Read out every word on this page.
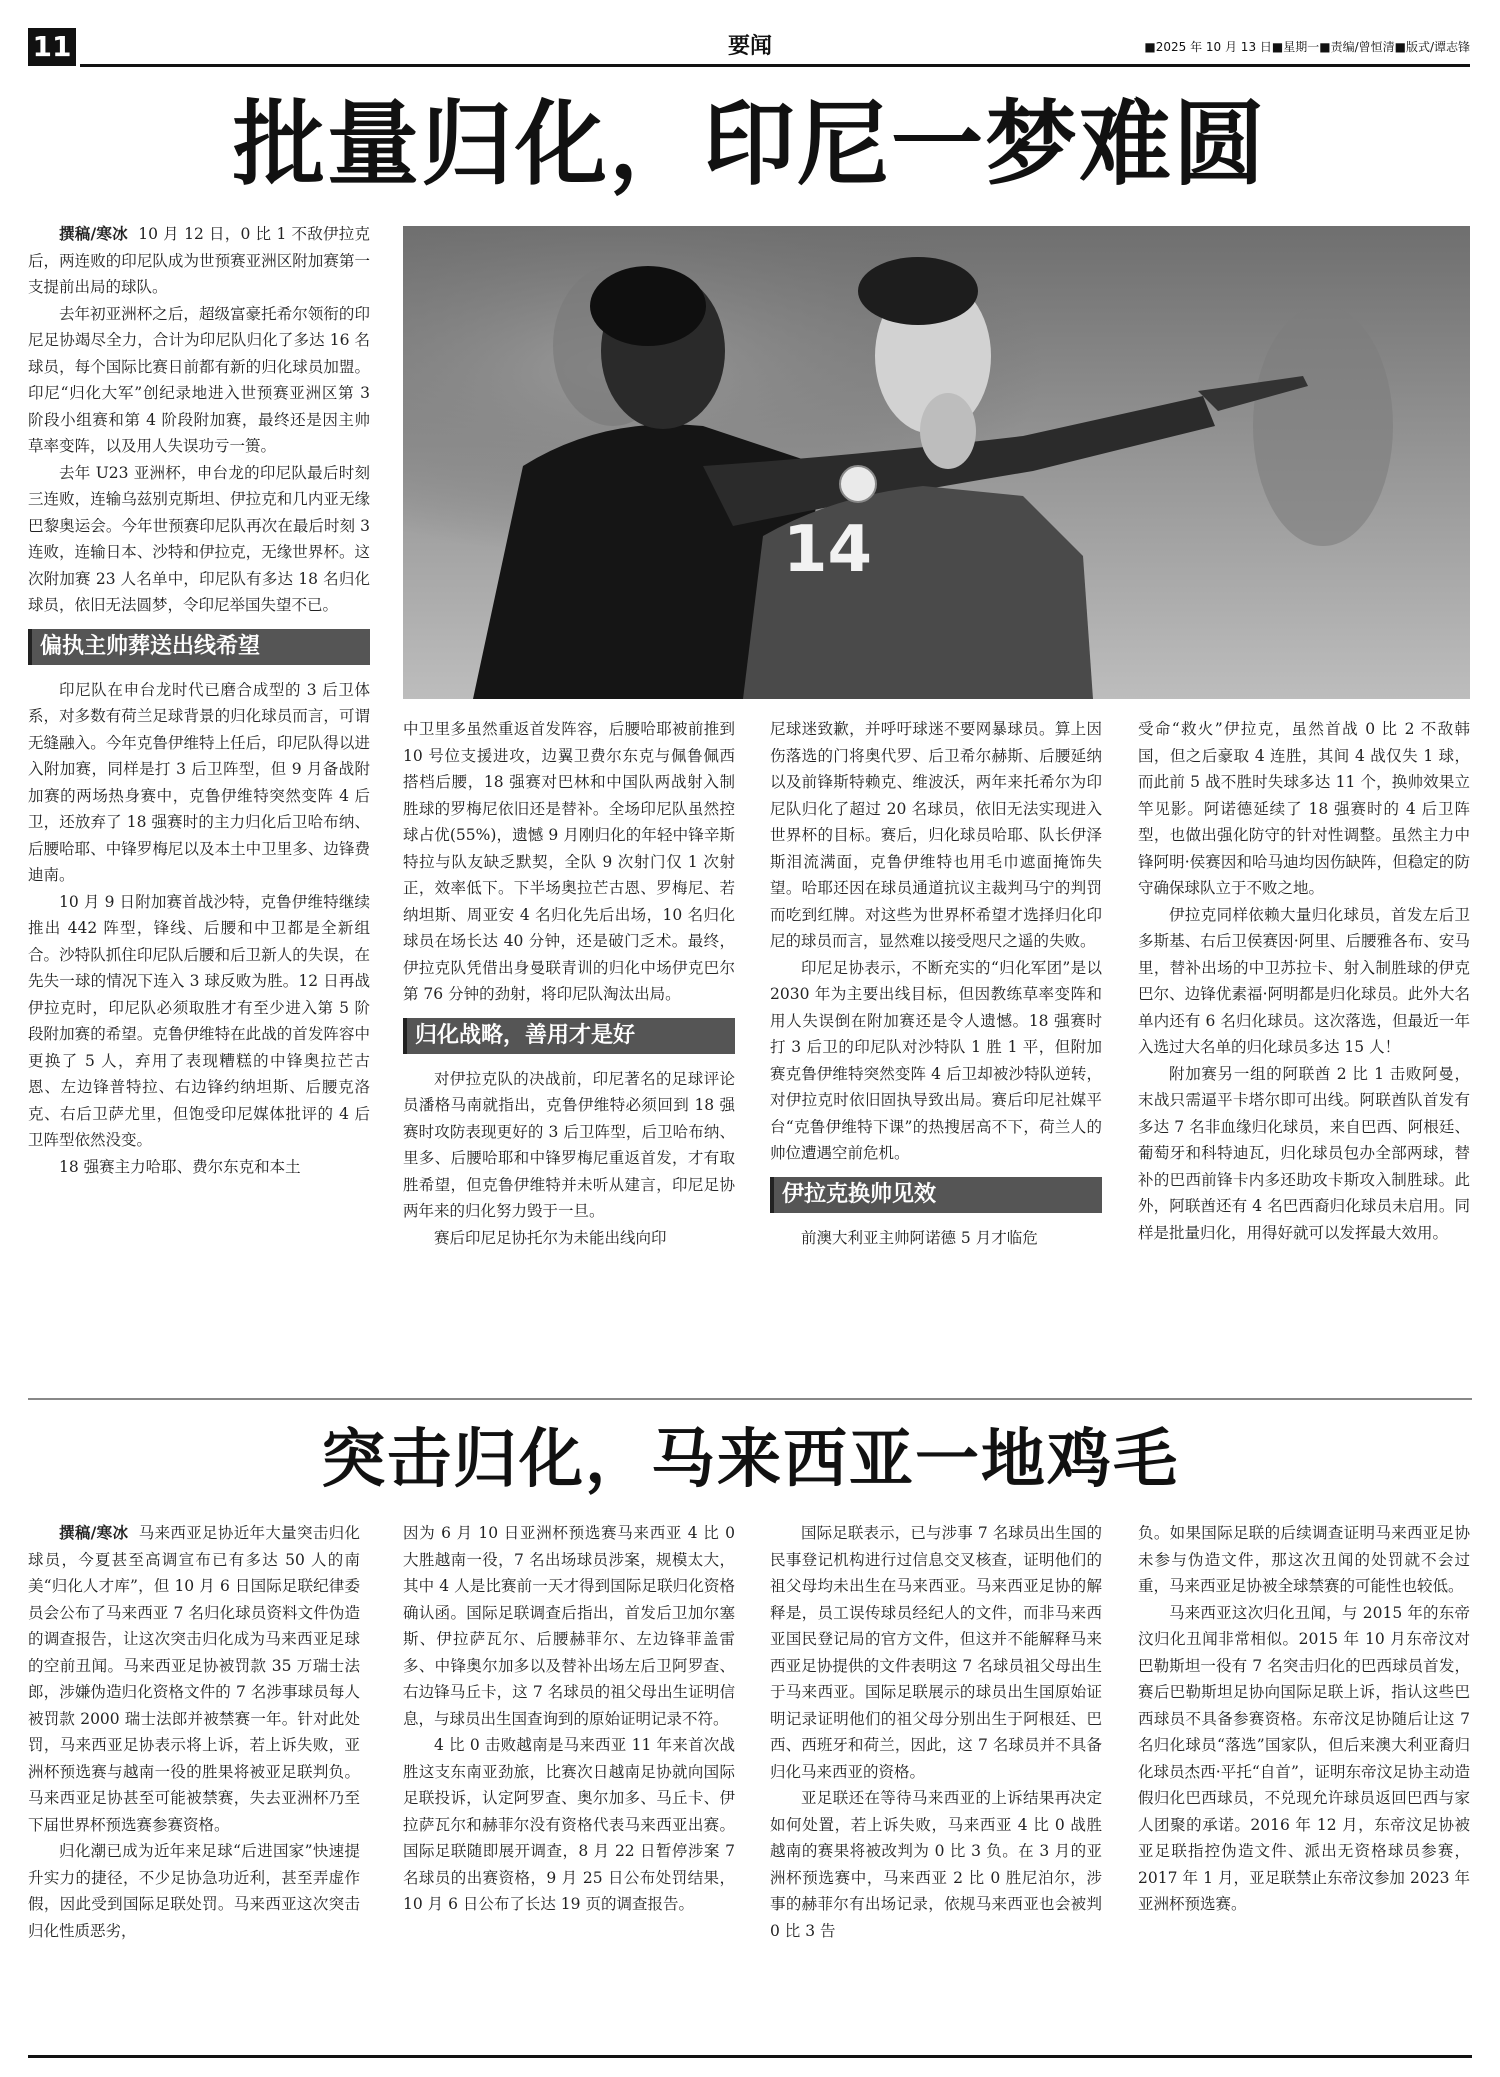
11	要闻	■2025 年 10 月 13 日■星期一■责编/曾恒清■版式/谭志锋
批量归化，印尼一梦难圆
14

撰稿/寒冰 10 月 12 日，0 比 1 不敌伊拉克后，两连败的印尼队成为世预赛亚洲区附加赛第一支提前出局的球队。

去年初亚洲杯之后，超级富豪托希尔领衔的印尼足协竭尽全力，合计为印尼队归化了多达 16 名球员，每个国际比赛日前都有新的归化球员加盟。印尼“归化大军”创纪录地进入世预赛亚洲区第 3 阶段小组赛和第 4 阶段附加赛，最终还是因主帅草率变阵，以及用人失误功亏一篑。

去年 U23 亚洲杯，申台龙的印尼队最后时刻三连败，连输乌兹别克斯坦、伊拉克和几内亚无缘巴黎奥运会。今年世预赛印尼队再次在最后时刻 3 连败，连输日本、沙特和伊拉克，无缘世界杯。这次附加赛 23 人名单中，印尼队有多达 18 名归化球员，依旧无法圆梦，令印尼举国失望不已。

偏执主帅葬送出线希望

印尼队在申台龙时代已磨合成型的 3 后卫体系，对多数有荷兰足球背景的归化球员而言，可谓无缝融入。今年克鲁伊维特上任后，印尼队得以进入附加赛，同样是打 3 后卫阵型，但 9 月备战附加赛的两场热身赛中，克鲁伊维特突然变阵 4 后卫，还放弃了 18 强赛时的主力归化后卫哈布纳、后腰哈耶、中锋罗梅尼以及本土中卫里多、边锋费迪南。

10 月 9 日附加赛首战沙特，克鲁伊维特继续推出 442 阵型，锋线、后腰和中卫都是全新组合。沙特队抓住印尼队后腰和后卫新人的失误，在先失一球的情况下连入 3 球反败为胜。12 日再战伊拉克时，印尼队必须取胜才有至少进入第 5 阶段附加赛的希望。克鲁伊维特在此战的首发阵容中更换了 5 人，弃用了表现糟糕的中锋奥拉芒古恩、左边锋普特拉、右边锋约纳坦斯、后腰克洛克、右后卫萨尤里，但饱受印尼媒体批评的 4 后卫阵型依然没变。

18 强赛主力哈耶、费尔东克和本土

中卫里多虽然重返首发阵容，后腰哈耶被前推到 10 号位支援进攻，边翼卫费尔东克与佩鲁佩西搭档后腰，18 强赛对巴林和中国队两战射入制胜球的罗梅尼依旧还是替补。全场印尼队虽然控球占优(55%)，遗憾 9 月刚归化的年轻中锋辛斯特拉与队友缺乏默契，全队 9 次射门仅 1 次射正，效率低下。下半场奥拉芒古恩、罗梅尼、若纳坦斯、周亚安 4 名归化先后出场，10 名归化球员在场长达 40 分钟，还是破门乏术。最终，伊拉克队凭借出身曼联青训的归化中场伊克巴尔第 76 分钟的劲射，将印尼队淘汰出局。

归化战略，善用才是好

对伊拉克队的决战前，印尼著名的足球评论员潘格马南就指出，克鲁伊维特必须回到 18 强赛时攻防表现更好的 3 后卫阵型，后卫哈布纳、里多、后腰哈耶和中锋罗梅尼重返首发，才有取胜希望，但克鲁伊维特并未听从建言，印尼足协两年来的归化努力毁于一旦。

赛后印尼足协托尔为未能出线向印

尼球迷致歉，并呼吁球迷不要网暴球员。算上因伤落选的门将奥代罗、后卫希尔赫斯、后腰延纳以及前锋斯特赖克、维波沃，两年来托希尔为印尼队归化了超过 20 名球员，依旧无法实现进入世界杯的目标。赛后，归化球员哈耶、队长伊泽斯泪流满面，克鲁伊维特也用毛巾遮面掩饰失望。哈耶还因在球员通道抗议主裁判马宁的判罚而吃到红牌。对这些为世界杯希望才选择归化印尼的球员而言，显然难以接受咫尺之遥的失败。

印尼足协表示，不断充实的“归化军团”是以 2030 年为主要出线目标，但因教练草率变阵和用人失误倒在附加赛还是令人遗憾。18 强赛时打 3 后卫的印尼队对沙特队 1 胜 1 平，但附加赛克鲁伊维特突然变阵 4 后卫却被沙特队逆转，对伊拉克时依旧固执导致出局。赛后印尼社媒平台“克鲁伊维特下课”的热搜居高不下，荷兰人的帅位遭遇空前危机。

伊拉克换帅见效

前澳大利亚主帅阿诺德 5 月才临危

受命“救火”伊拉克，虽然首战 0 比 2 不敌韩国，但之后豪取 4 连胜，其间 4 战仅失 1 球，而此前 5 战不胜时失球多达 11 个，换帅效果立竿见影。阿诺德延续了 18 强赛时的 4 后卫阵型，也做出强化防守的针对性调整。虽然主力中锋阿明·侯赛因和哈马迪均因伤缺阵，但稳定的防守确保球队立于不败之地。

伊拉克同样依赖大量归化球员，首发左后卫多斯基、右后卫侯赛因·阿里、后腰雅各布、安马里，替补出场的中卫苏拉卡、射入制胜球的伊克巴尔、边锋优素福·阿明都是归化球员。此外大名单内还有 6 名归化球员。这次落选，但最近一年入选过大名单的归化球员多达 15 人！

附加赛另一组的阿联酋 2 比 1 击败阿曼，末战只需逼平卡塔尔即可出线。阿联酋队首发有多达 7 名非血缘归化球员，来自巴西、阿根廷、葡萄牙和科特迪瓦，归化球员包办全部两球，替补的巴西前锋卡内多还助攻卡斯攻入制胜球。此外，阿联酋还有 4 名巴西裔归化球员未启用。同样是批量归化，用得好就可以发挥最大效用。

突击归化，马来西亚一地鸡毛

撰稿/寒冰 马来西亚足协近年大量突击归化球员，今夏甚至高调宣布已有多达 50 人的南美“归化人才库”，但 10 月 6 日国际足联纪律委员会公布了马来西亚 7 名归化球员资料文件伪造的调查报告，让这次突击归化成为马来西亚足球的空前丑闻。马来西亚足协被罚款 35 万瑞士法郎，涉嫌伪造归化资格文件的 7 名涉事球员每人被罚款 2000 瑞士法郎并被禁赛一年。针对此处罚，马来西亚足协表示将上诉，若上诉失败，亚洲杯预选赛与越南一役的胜果将被亚足联判负。马来西亚足协甚至可能被禁赛，失去亚洲杯乃至下届世界杯预选赛参赛资格。

归化潮已成为近年来足球“后进国家”快速提升实力的捷径，不少足协急功近利，甚至弄虚作假，因此受到国际足联处罚。马来西亚这次突击归化性质恶劣，

因为 6 月 10 日亚洲杯预选赛马来西亚 4 比 0 大胜越南一役，7 名出场球员涉案，规模太大，其中 4 人是比赛前一天才得到国际足联归化资格确认函。国际足联调查后指出，首发后卫加尔塞斯、伊拉萨瓦尔、后腰赫菲尔、左边锋菲盖雷多、中锋奥尔加多以及替补出场左后卫阿罗查、右边锋马丘卡，这 7 名球员的祖父母出生证明信息，与球员出生国查询到的原始证明记录不符。

4 比 0 击败越南是马来西亚 11 年来首次战胜这支东南亚劲旅，比赛次日越南足协就向国际足联投诉，认定阿罗查、奥尔加多、马丘卡、伊拉萨瓦尔和赫菲尔没有资格代表马来西亚出赛。国际足联随即展开调查，8 月 22 日暂停涉案 7 名球员的出赛资格，9 月 25 日公布处罚结果，10 月 6 日公布了长达 19 页的调查报告。

国际足联表示，已与涉事 7 名球员出生国的民事登记机构进行过信息交叉核查，证明他们的祖父母均未出生在马来西亚。马来西亚足协的解释是，员工误传球员经纪人的文件，而非马来西亚国民登记局的官方文件，但这并不能解释马来西亚足协提供的文件表明这 7 名球员祖父母出生于马来西亚。国际足联展示的球员出生国原始证明记录证明他们的祖父母分别出生于阿根廷、巴西、西班牙和荷兰，因此，这 7 名球员并不具备归化马来西亚的资格。

亚足联还在等待马来西亚的上诉结果再决定如何处置，若上诉失败，马来西亚 4 比 0 战胜越南的赛果将被改判为 0 比 3 负。在 3 月的亚洲杯预选赛中，马来西亚 2 比 0 胜尼泊尔，涉事的赫菲尔有出场记录，依规马来西亚也会被判 0 比 3 告

负。如果国际足联的后续调查证明马来西亚足协未参与伪造文件，那这次丑闻的处罚就不会过重，马来西亚足协被全球禁赛的可能性也较低。

马来西亚这次归化丑闻，与 2015 年的东帝汶归化丑闻非常相似。2015 年 10 月东帝汶对巴勒斯坦一役有 7 名突击归化的巴西球员首发，赛后巴勒斯坦足协向国际足联上诉，指认这些巴西球员不具备参赛资格。东帝汶足协随后让这 7 名归化球员“落选”国家队，但后来澳大利亚裔归化球员杰西·平托“自首”，证明东帝汶足协主动造假归化巴西球员，不兑现允许球员返回巴西与家人团聚的承诺。2016 年 12 月，东帝汶足协被亚足联指控伪造文件、派出无资格球员参赛，2017 年 1 月，亚足联禁止东帝汶参加 2023 年亚洲杯预选赛。
